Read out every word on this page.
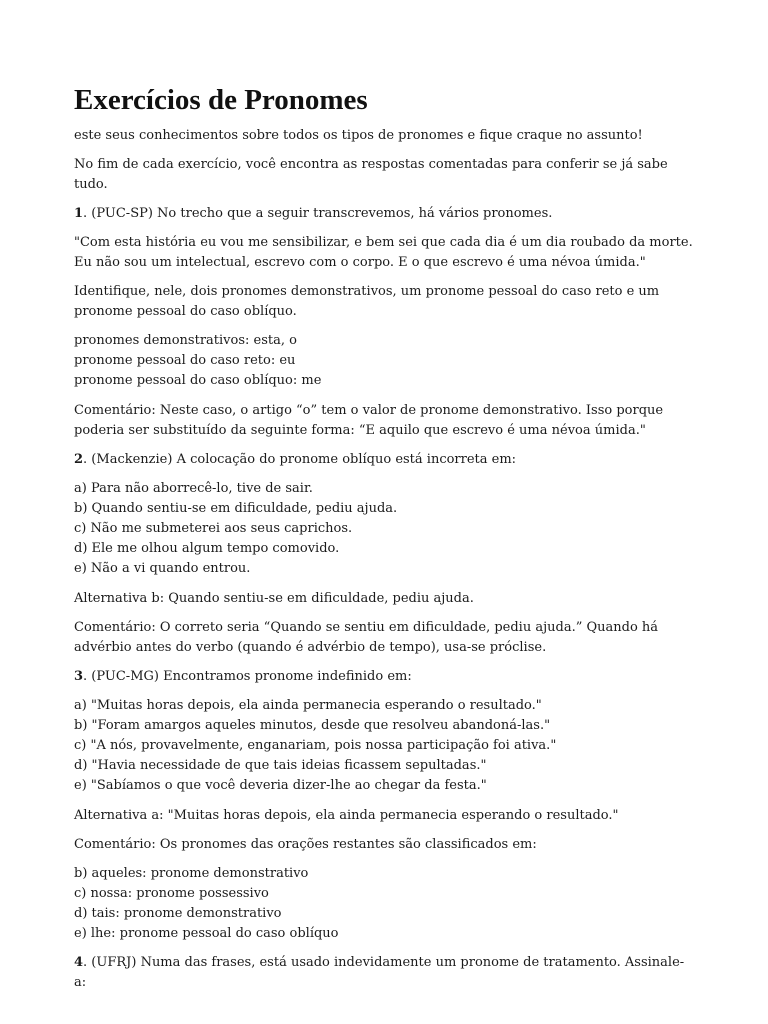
Exercícios de Pronomes

este seus conhecimentos sobre todos os tipos de pronomes e fique craque no assunto!

No fim de cada exercício, você encontra as respostas comentadas para conferir se já sabe tudo.

1. (PUC-SP) No trecho que a seguir transcrevemos, há vários pronomes.

"Com esta história eu vou me sensibilizar, e bem sei que cada dia é um dia roubado da morte. Eu não sou um intelectual, escrevo com o corpo. E o que escrevo é uma névoa úmida."

Identifique, nele, dois pronomes demonstrativos, um pronome pessoal do caso reto e um pronome pessoal do caso oblíquo.

pronomes demonstrativos: esta, o
pronome pessoal do caso reto: eu
pronome pessoal do caso oblíquo: me

Comentário: Neste caso, o artigo “o” tem o valor de pronome demonstrativo. Isso porque poderia ser substituído da seguinte forma: “E aquilo que escrevo é uma névoa úmida."

2. (Mackenzie) A colocação do pronome oblíquo está incorreta em:

a) Para não aborrecê-lo, tive de sair.
b) Quando sentiu-se em dificuldade, pediu ajuda.
c) Não me submeterei aos seus caprichos.
d) Ele me olhou algum tempo comovido.
e) Não a vi quando entrou.

Alternativa b: Quando sentiu-se em dificuldade, pediu ajuda.

Comentário: O correto seria “Quando se sentiu em dificuldade, pediu ajuda.” Quando há advérbio antes do verbo (quando é advérbio de tempo), usa-se próclise.

3. (PUC-MG) Encontramos pronome indefinido em:

a) "Muitas horas depois, ela ainda permanecia esperando o resultado."
b) "Foram amargos aqueles minutos, desde que resolveu abandoná-las."
c) "A nós, provavelmente, enganariam, pois nossa participação foi ativa."
d) "Havia necessidade de que tais ideias ficassem sepultadas."
e) "Sabíamos o que você deveria dizer-lhe ao chegar da festa."

Alternativa a: "Muitas horas depois, ela ainda permanecia esperando o resultado."

Comentário: Os pronomes das orações restantes são classificados em:

b) aqueles: pronome demonstrativo
c) nossa: pronome possessivo
d) tais: pronome demonstrativo
e) lhe: pronome pessoal do caso oblíquo

4. (UFRJ) Numa das frases, está usado indevidamente um pronome de tratamento. Assinale-a:
